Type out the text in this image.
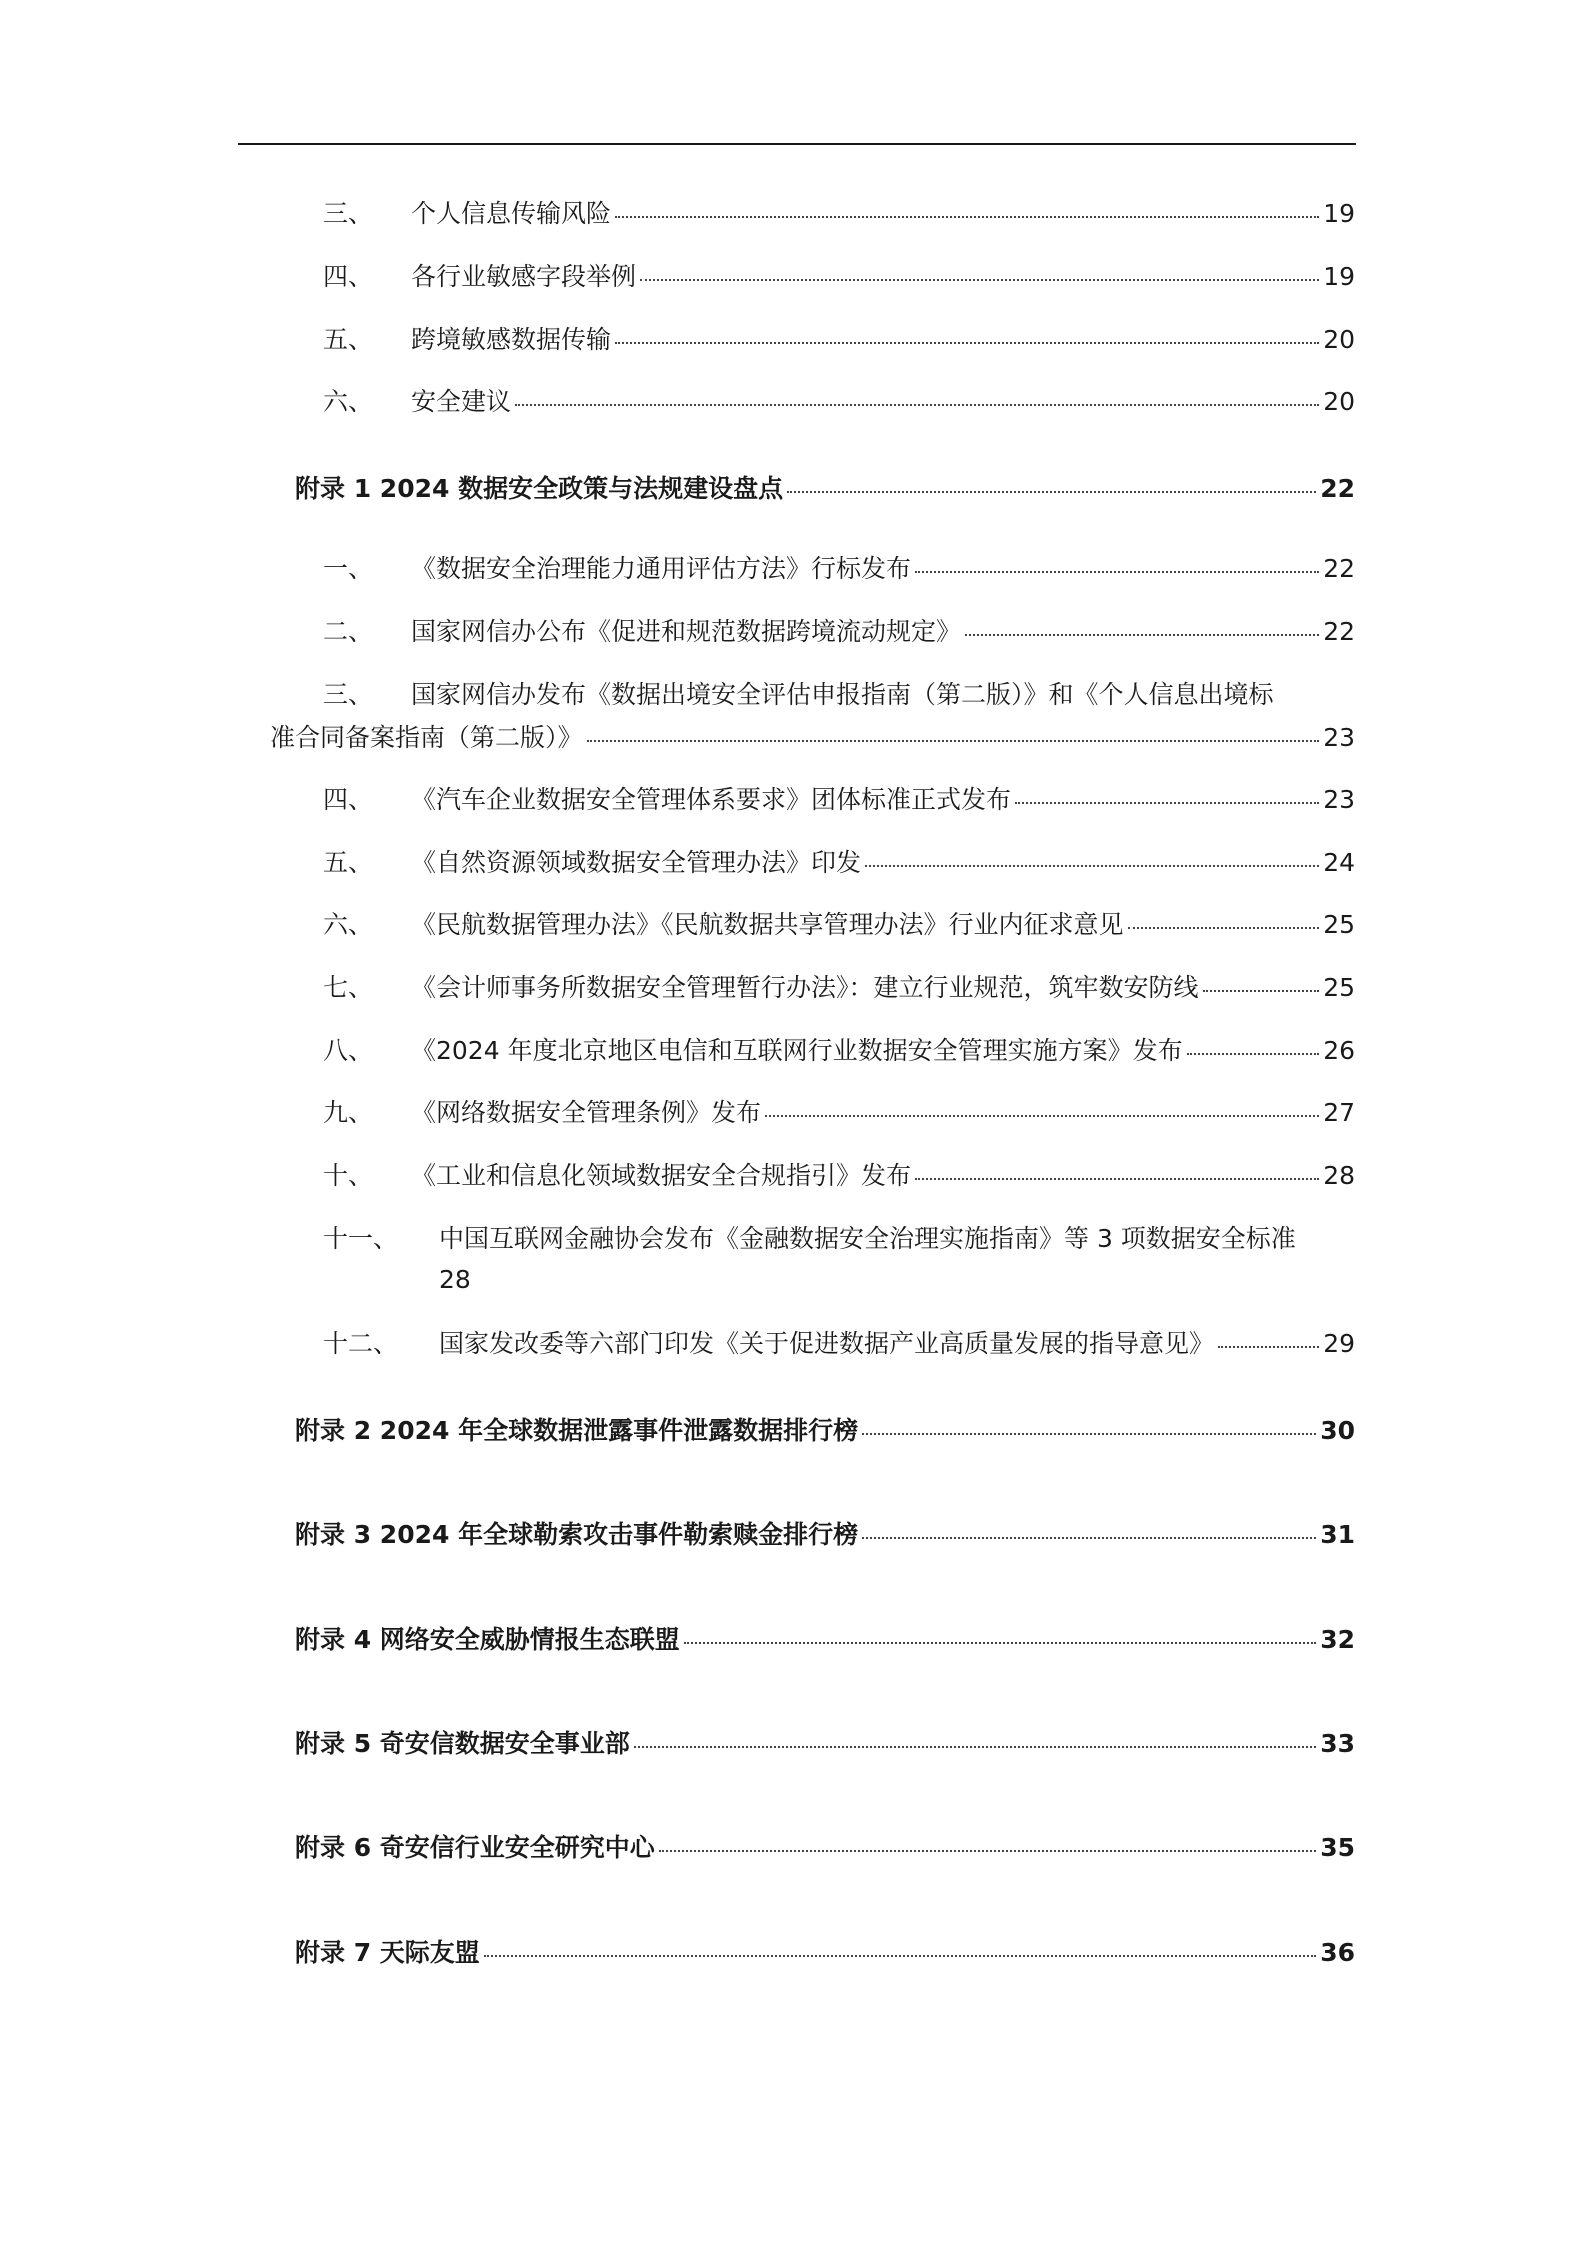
三、	个人信息传输风险	19
四、	各行业敏感字段举例	19
五、	跨境敏感数据传输	20
六、	安全建议	20
附录 1 2024 数据安全政策与法规建设盘点	22
一、	《数据安全治理能力通用评估方法》行标发布	22
二、	国家网信办公布《促进和规范数据跨境流动规定》	22
三、	国家网信办发布《数据出境安全评估申报指南（第二版）》和《个人信息出境标
准合同备案指南（第二版）》	23
四、	《汽车企业数据安全管理体系要求》团体标准正式发布	23
五、	《自然资源领域数据安全管理办法》印发	24
六、	《民航数据管理办法》《民航数据共享管理办法》行业内征求意见	25
七、	《会计师事务所数据安全管理暂行办法》：建立行业规范，筑牢数安防线	25
八、	《2024 年度北京地区电信和互联网行业数据安全管理实施方案》发布	26
九、	《网络数据安全管理条例》发布	27
十、	《工业和信息化领域数据安全合规指引》发布	28
十一、	中国互联网金融协会发布《金融数据安全治理实施指南》等 3 项数据安全标准
28
十二、	国家发改委等六部门印发《关于促进数据产业高质量发展的指导意见》	29
附录 2 2024 年全球数据泄露事件泄露数据排行榜	30
附录 3 2024 年全球勒索攻击事件勒索赎金排行榜	31
附录 4 网络安全威胁情报生态联盟	32
附录 5 奇安信数据安全事业部	33
附录 6 奇安信行业安全研究中心	35
附录 7 天际友盟	36
